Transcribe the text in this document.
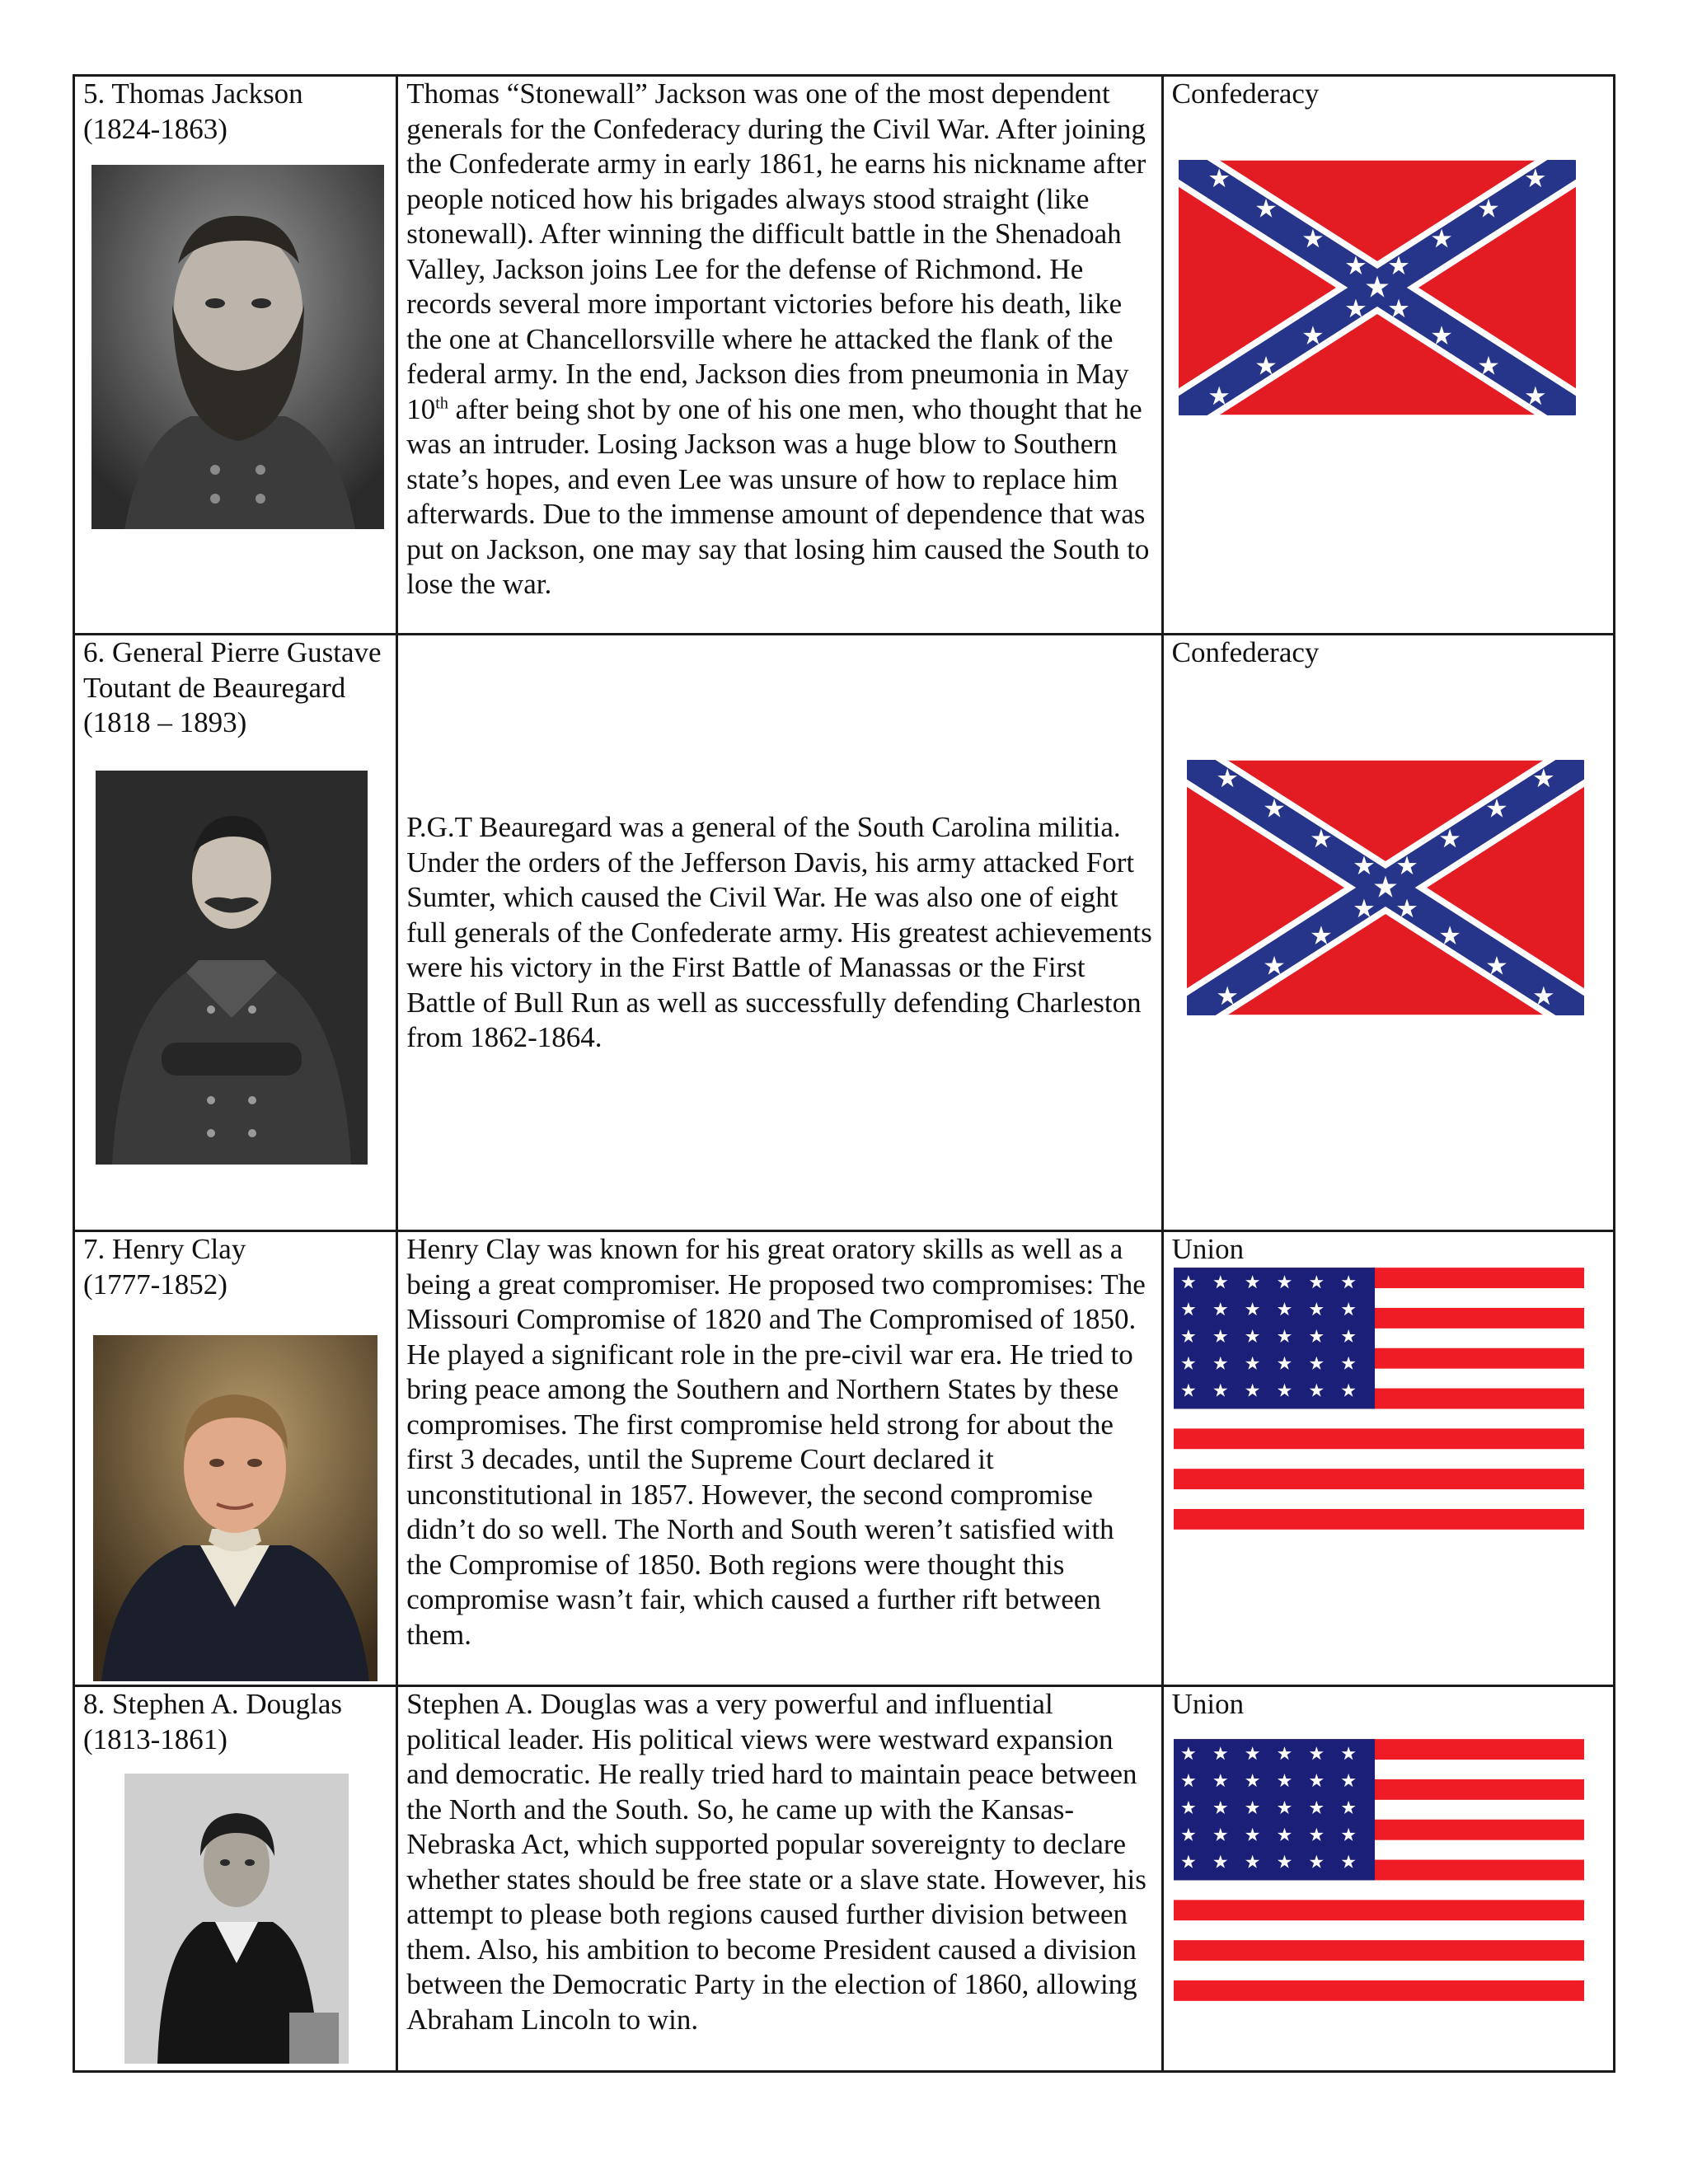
5. Thomas Jackson
(1824-1863)	Thomas “Stonewall” Jackson was one of the most dependent generals for the Confederacy during the Civil War. After joining the Confederate army in early 1861, he earns his nickname after people noticed how his brigades always stood straight (like stonewall). After winning the difficult battle in the Shenadoah Valley, Jackson joins Lee for the defense of Richmond. He records several more important victories before his death, like the one at Chancellorsville where he attacked the flank of the federal army. In the end, Jackson dies from pneumonia in May 10th after being shot by one of his one men, who thought that he was an intruder. Losing Jackson was a huge blow to Southern state’s hopes, and even Lee was unsure of how to replace him afterwards. Due to the immense amount of dependence that was put on Jackson, one may say that losing him caused the South to lose the war.	Confederacy

6. General Pierre Gustave Toutant de Beauregard (1818 – 1893)	P.G.T Beauregard was a general of the South Carolina militia. Under the orders of the Jefferson Davis, his army attacked Fort Sumter, which caused the Civil War. He was also one of eight full generals of the Confederate army. His greatest achievements were his victory in the First Battle of Manassas or the First Battle of Bull Run as well as successfully defending Charleston from 1862-1864.	Confederacy

7. Henry Clay
(1777-1852)	Henry Clay was known for his great oratory skills as well as a being a great compromiser. He proposed two compromises: The Missouri Compromise of 1820 and The Compromised of 1850. He played a significant role in the pre-civil war era. He tried to bring peace among the Southern and Northern States by these compromises. The first compromise held strong for about the first 3 decades, until the Supreme Court declared it unconstitutional in 1857. However, the second compromise didn’t do so well. The North and South weren’t satisfied with the Compromise of 1850. Both regions were thought this compromise wasn’t fair, which caused a further rift between them.	Union

8. Stephen A. Douglas
(1813-1861)	Stephen A. Douglas was a very powerful and influential political leader. His political views were westward expansion and democratic. He really tried hard to maintain peace between the North and the South. So, he came up with the Kansas-Nebraska Act, which supported popular sovereignty to declare whether states should be free state or a slave state. However, his attempt to please both regions caused further division between them. Also, his ambition to become President caused a division between the Democratic Party in the election of 1860, allowing Abraham Lincoln to win.	Union
